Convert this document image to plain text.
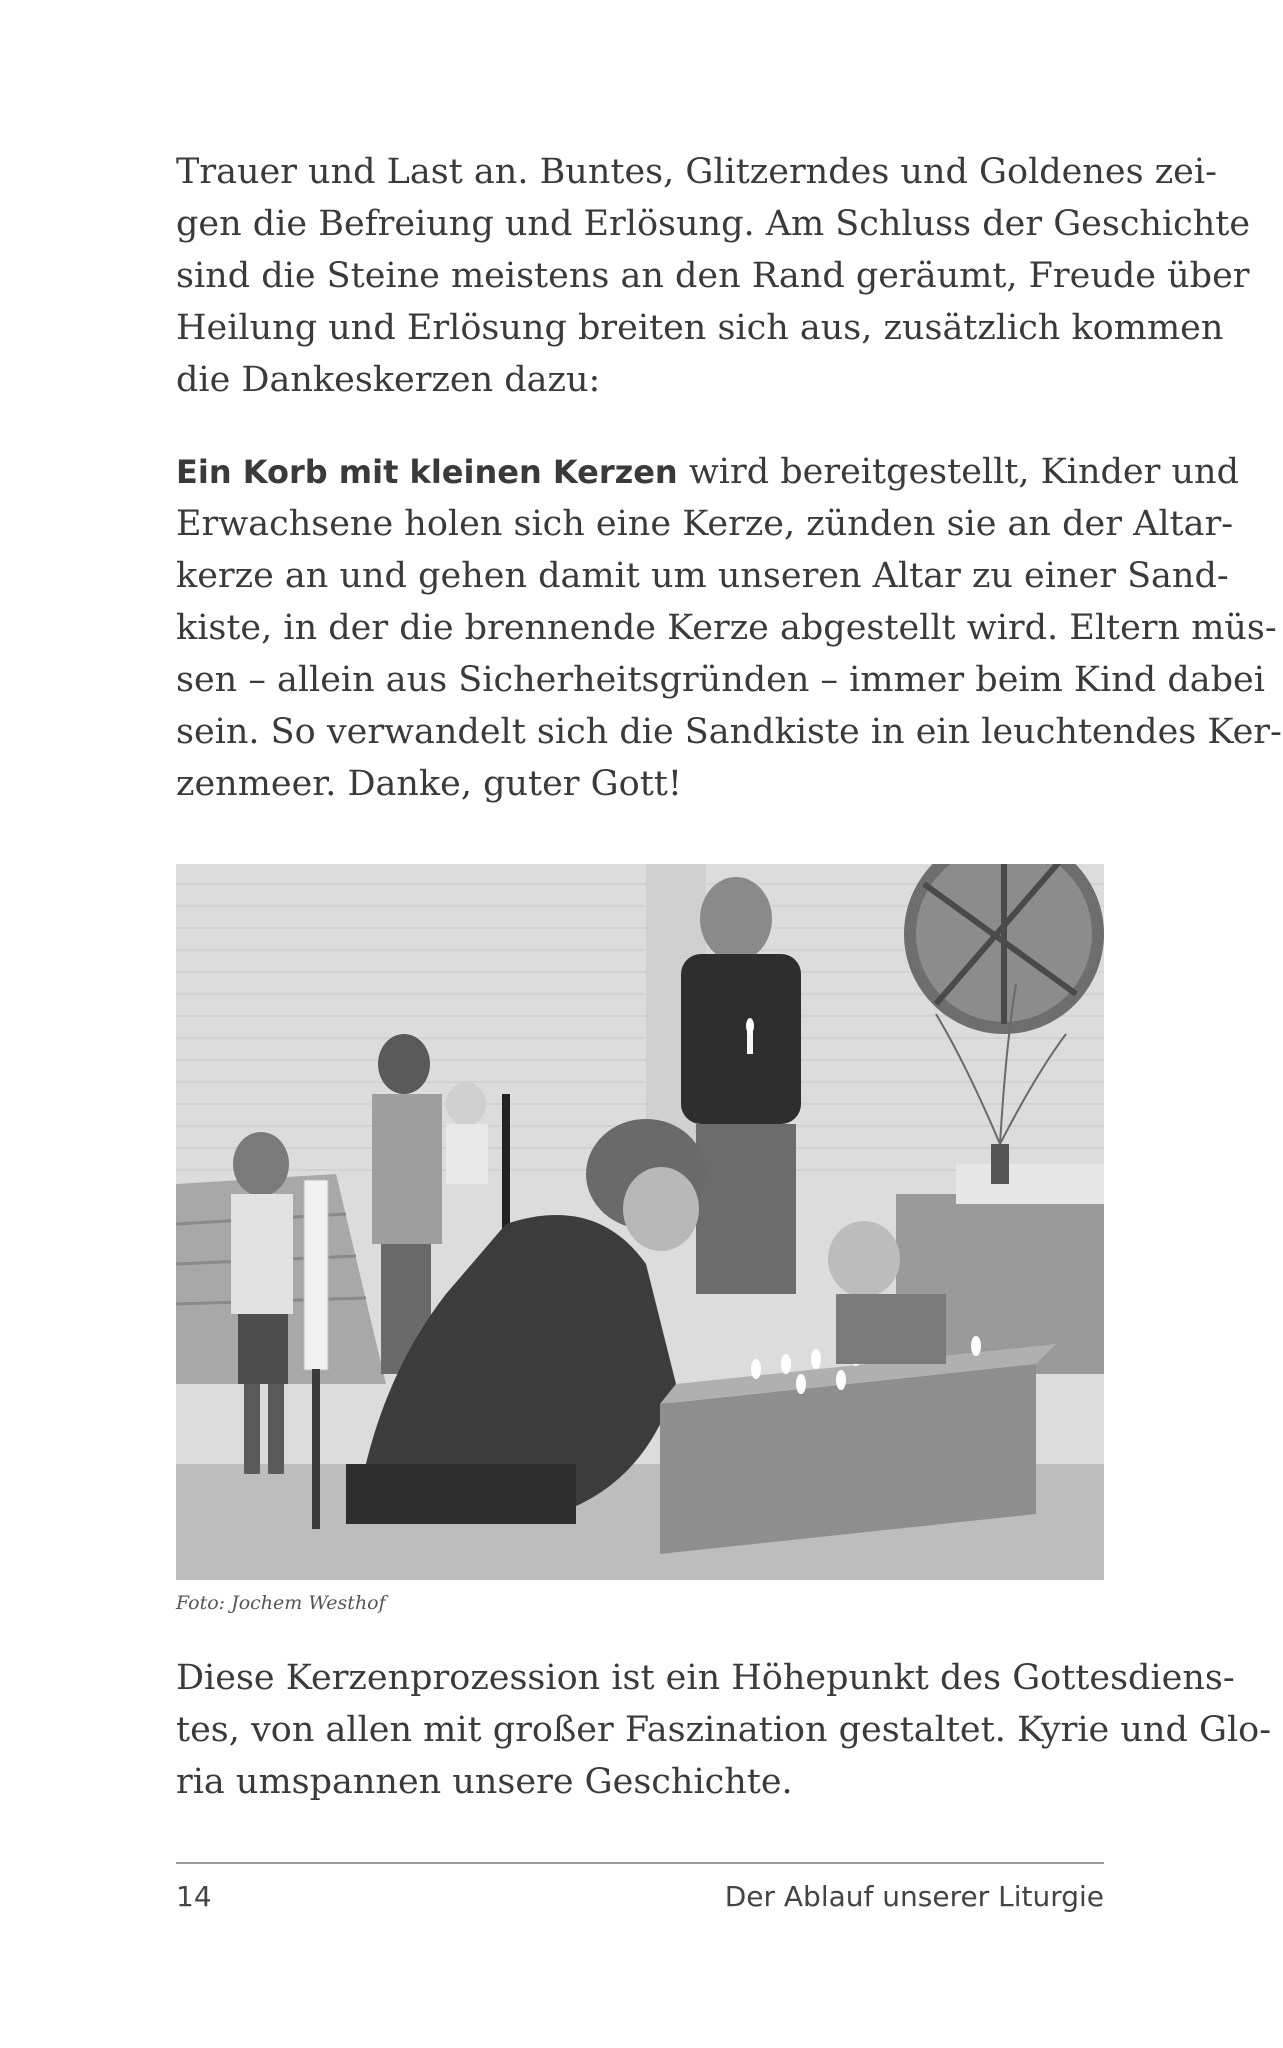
Trauer und Last an. Buntes, Glitzerndes und Goldenes zei-
gen die Befreiung und Erlösung. Am Schluss der Geschichte
sind die Steine meistens an den Rand geräumt, Freude über
Heilung und Erlösung breiten sich aus, zusätzlich kommen
die Dankeskerzen dazu:
Ein Korb mit kleinen Kerzen wird bereitgestellt, Kinder und
Erwachsene holen sich eine Kerze, zünden sie an der Altar-
kerze an und gehen damit um unseren Altar zu einer Sand-
kiste, in der die brennende Kerze abgestellt wird. Eltern müs-
sen – allein aus Sicherheitsgründen – immer beim Kind dabei
sein. So verwandelt sich die Sandkiste in ein leuchtendes Ker-
zenmeer. Danke, guter Gott!
Foto: Jochem Westhof
Diese Kerzenprozession ist ein Höhepunkt des Gottesdiens-
tes, von allen mit großer Faszination gestaltet. Kyrie und Glo-
ria umspannen unsere Geschichte.
14	Der Ablauf unserer Liturgie
